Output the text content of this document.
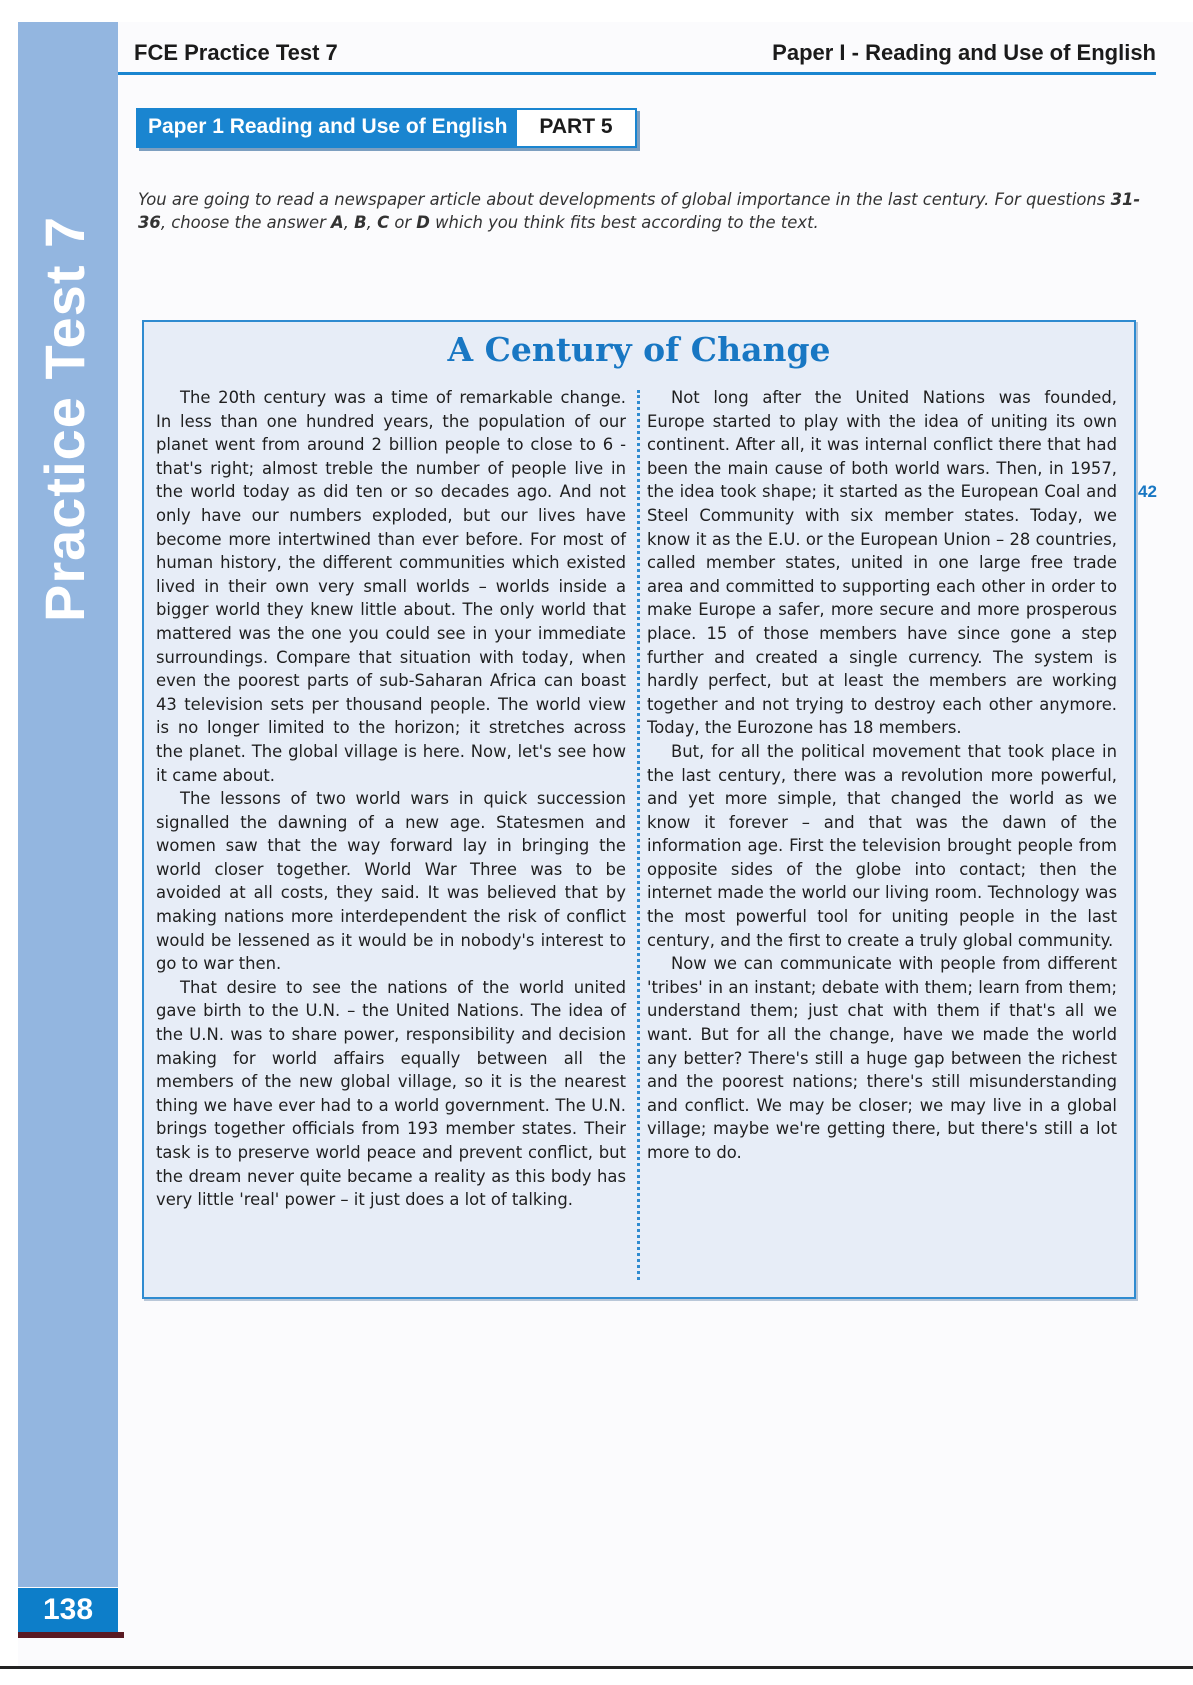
Practice Test 7
138
FCE Practice Test 7	Paper I - Reading and Use of English
Paper 1 Reading and Use of English	PART 5
You are going to read a newspaper article about developments of global importance in the last century. For questions 31-36, choose the answer A, B, C or D which you think fits best according to the text.
A Century of Change

The 20th century was a time of remarkable change. In less than one hundred years, the population of our planet went from around 2 billion people to close to 6 - that's right; almost treble the number of people live in the world today as did ten or so decades ago. And not only have our numbers exploded, but our lives have become more intertwined than ever before. For most of human history, the different communities which existed lived in their own very small worlds – worlds inside a bigger world they knew little about. The only world that mattered was the one you could see in your immediate surroundings. Compare that situation with today, when even the poorest parts of sub-Saharan Africa can boast 43 television sets per thousand people. The world view is no longer limited to the horizon; it stretches across the planet. The global village is here. Now, let's see how it came about.

The lessons of two world wars in quick succession signalled the dawning of a new age. Statesmen and women saw that the way forward lay in bringing the world closer together. World War Three was to be avoided at all costs, they said. It was believed that by making nations more interdependent the risk of conflict would be lessened as it would be in nobody's interest to go to war then.

That desire to see the nations of the world united gave birth to the U.N. – the United Nations. The idea of the U.N. was to share power, responsibility and decision making for world affairs equally between all the members of the new global village, so it is the nearest thing we have ever had to a world government. The U.N. brings together officials from 193 member states. Their task is to preserve world peace and prevent conflict, but the dream never quite became a reality as this body has very little 'real' power – it just does a lot of talking.

Not long after the United Nations was founded, Europe started to play with the idea of uniting its own continent. After all, it was internal conflict there that had been the main cause of both world wars. Then, in 1957, the idea took shape; it started as the European Coal and Steel Community with six member states. Today, we know it as the E.U. or the European Union – 28 countries, called member states, united in one large free trade area and committed to supporting each other in order to make Europe a safer, more secure and more prosperous place. 15 of those members have since gone a step further and created a single currency. The system is hardly perfect, but at least the members are working together and not trying to destroy each other anymore. Today, the Eurozone has 18 members.

But, for all the political movement that took place in the last century, there was a revolution more powerful, and yet more simple, that changed the world as we know it forever – and that was the dawn of the information age. First the television brought people from opposite sides of the globe into contact; then the internet made the world our living room. Technology was the most powerful tool for uniting people in the last century, and the first to create a truly global community.

Now we can communicate with people from different 'tribes' in an instant; debate with them; learn from them; understand them; just chat with them if that's all we want. But for all the change, have we made the world any better? There's still a huge gap between the richest and the poorest nations; there's still misunderstanding and conflict. We may be closer; we may live in a global village; maybe we're getting there, but there's still a lot more to do.

42
